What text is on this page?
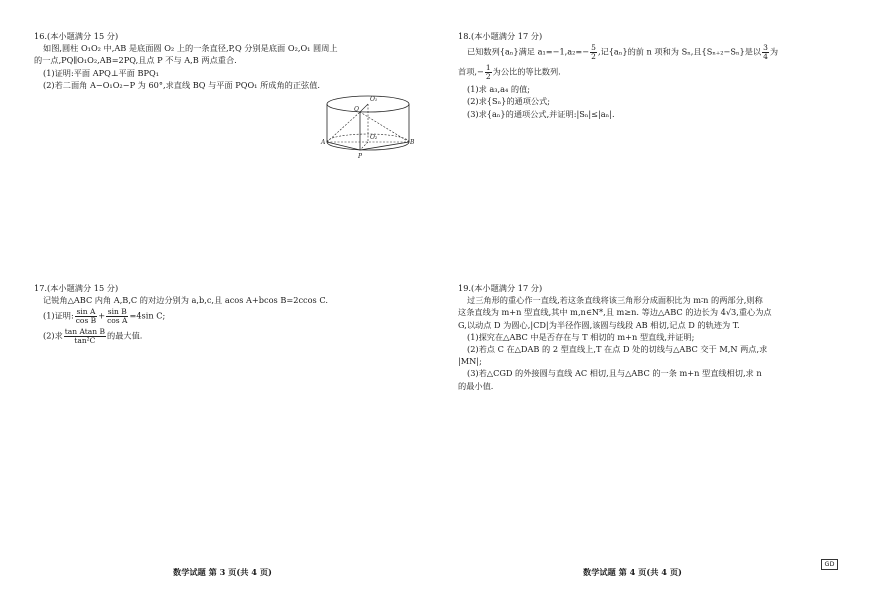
16.(本小题满分 15 分)

如图,圆柱 O₁O₂ 中,AB 是底面圆 O₂ 上的一条直径,P,Q 分别是底面 O₂,O₁ 圆周上

的一点,PQ∥O₁O₂,AB=2PQ,且点 P 不与 A,B 两点重合.

(1)证明:平面 APQ⊥平面 BPQ₁

(2)若二面角 A−O₁O₂−P 为 60°,求直线 BQ 与平面 PQO₁ 所成角的正弦值.

O₁
Q
O₂
A	B
P

17.(本小题满分 15 分)

记锐角△ABC 内角 A,B,C 的对边分别为 a,b,c,且 acos A+bcos B=2ccos C.

(1)证明: $\frac{\text{sin A}}{\text{cos B}} + \frac{\text{sin B}}{\text{cos A}} =4\sin$ C;

(2)求 $\frac{\text{tan Atan B}}{\text{tan²C}}$ 的最大值.

18.(本小题满分 17 分)

已知数列{aₙ}满足 $a_1=-1,a_2=- \frac{5}{2}$ ,记{aₙ}的前 n 项和为 Sₙ,且{Sₙ₊₂−Sₙ}是以 $\frac{3}{4}$ 为

首项,− $\frac{1}{2}$ 为公比的等比数列.

(1)求 a₃,a₄ 的值;

(2)求{Sₙ}的通项公式;

(3)求{aₙ}的通项公式,并证明:|Sₙ|≤|aₙ|.

19.(本小题满分 17 分)

过三角形的重心作一直线,若这条直线将该三角形分成面积比为 m∶n 的两部分,则称

这条直线为 m+n 型直线,其中 m,n∈N*,且 m≥n. 等边△ABC 的边长为 4√3,重心为点

G,以动点 D 为圆心,|CD|为半径作圆,该圆与线段 AB 相切,记点 D 的轨迹为 T.

(1)探究在△ABC 中是否存在与 T 相切的 m+n 型直线,并证明;

(2)若点 C 在△DAB 的 2 型直线上,T 在点 D 处的切线与△ABC 交于 M,N 两点,求

|MN|;

(3)若△CGD 的外接圆与直线 AC 相切,且与△ABC 的一条 m+n 型直线相切,求 n

的最小值.

数学试题 第 3 页(共 4 页)	数学试题 第 4 页(共 4 页)
GD
